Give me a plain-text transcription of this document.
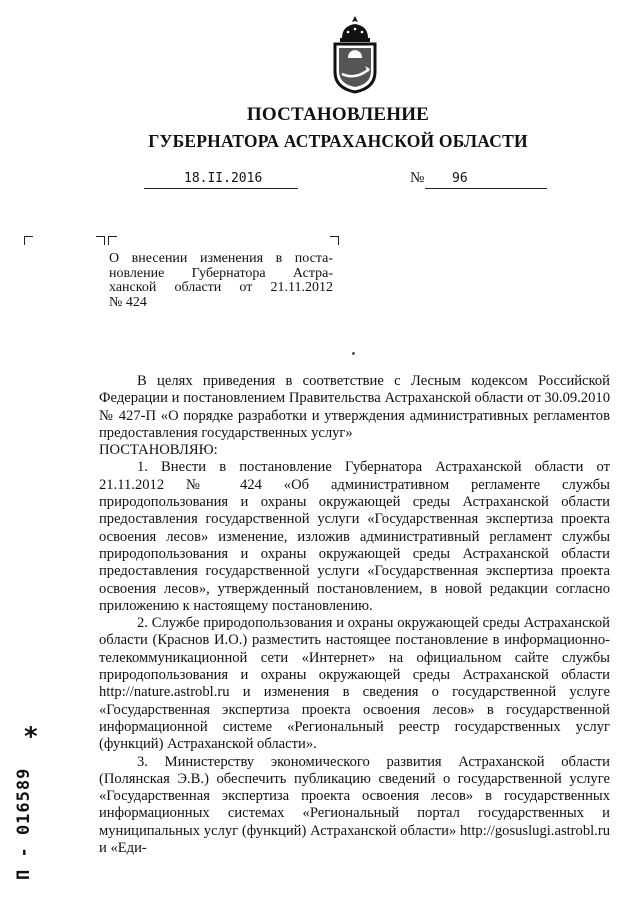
ПОСТАНОВЛЕНИЕ
ГУБЕРНАТОРА АСТРАХАНСКОЙ ОБЛАСТИ
18.II.2016	№ 96
О внесении изменения в поста-
новление Губернатора Астра-
ханской области от 21.11.2012
№ 424

В целях приведения в соответствие с Лесным кодексом Российской Федерации и постановлением Правительства Астраханской области от 30.09.2010 № 427-П «О порядке разработки и утверждения административных регламентов предоставления государственных услуг»

ПОСТАНОВЛЯЮ:

1. Внести в постановление Губернатора Астраханской области от 21.11.2012 № 424 «Об административном регламенте службы природопользования и охраны окружающей среды Астраханской области предоставления государственной услуги «Государственная экспертиза проекта освоения лесов» изменение, изложив административный регламент службы природопользования и охраны окружающей среды Астраханской области предоставления государственной услуги «Государственная экспертиза проекта освоения лесов», утвержденный постановлением, в новой редакции согласно приложению к настоящему постановлению.

2. Службе природопользования и охраны окружающей среды Астраханской области (Краснов И.О.) разместить настоящее постановление в информационно-телекоммуникационной сети «Интернет» на официальном сайте службы природопользования и охраны окружающей среды Астраханской области http://nature.astrobl.ru и изменения в сведения о государственной услуге «Государственная экспертиза проекта освоения лесов» в государственной информационной системе «Региональный реестр государственных услуг (функций) Астраханской области».

3. Министерству экономического развития Астраханской области (Полянская Э.В.) обеспечить публикацию сведений о государственной услуге «Государственная экспертиза проекта освоения лесов» в государственных информационных системах «Региональный портал государственных и муниципальных услуг (функций) Астраханской области» http://gosuslugi.astrobl.ru и «Еди-

*
П - 016589
